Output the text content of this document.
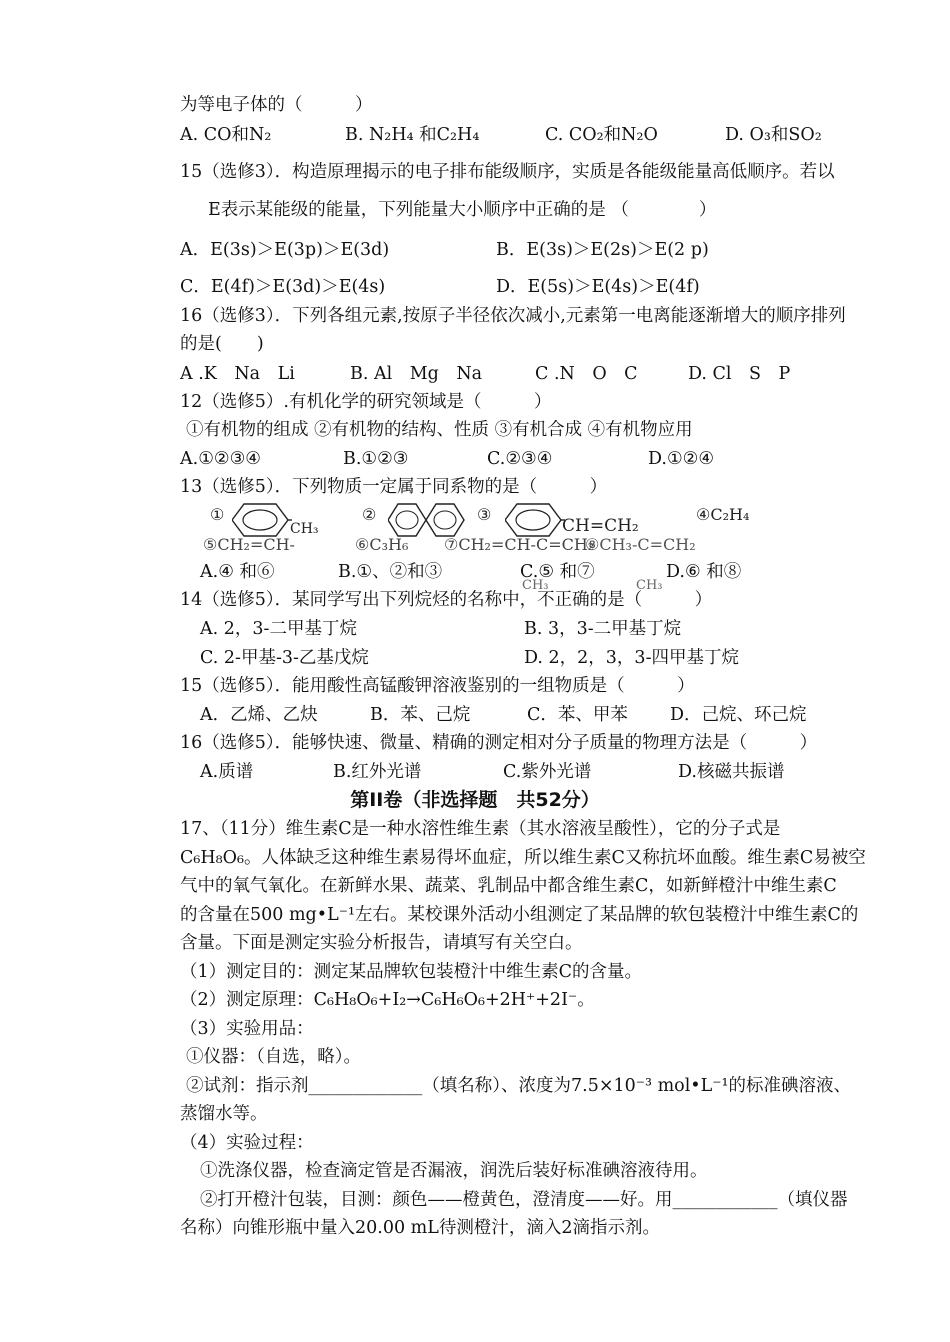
为等电子体的（　　　）
A. CO和N₂	B. N₂H₄ 和C₂H₄	C. CO₂和N₂O	D. O₃和SO₂
15（选修3）．构造原理揭示的电子排布能级顺序，实质是各能级能量高低顺序。若以
E表示某能级的能量，下列能量大小顺序中正确的是 （　　　　）
A．E(3s)＞E(3p)＞E(3d)	B．E(3s)＞E(2s)＞E(2 p)
C．E(4f)＞E(3d)＞E(4s)	D．E(5s)＞E(4s)＞E(4f)
16（选修3）．下列各组元素,按原子半径依次减小,元素第一电离能逐渐增大的顺序排列
的是(　　)
A .K　Na　Li	B. Al　Mg　Na	C .N　O　C	D. Cl　S　P
12（选修5）.有机化学的研究领域是（　　　）
①有机物的组成 ②有机物的结构、性质 ③有机合成 ④有机物应用
A.①②③④	B.①②③	C.②③④	D.①②④
13（选修5）．下列物质一定属于同系物的是（　　　）
①
CH₃
②	③
CH=CH₂
④C₂H₄
⑤CH₂=CH-	⑥C₃H₆ ⑦CH₂=CH-C=CH₂
⑧CH₃-C=CH₂
A.④ 和⑥	B.①、②和③	C.⑤ 和⑦	D.⑥ 和⑧
CH₃	CH₃
14（选修5）．某同学写出下列烷烃的名称中，不正确的是（　　　）
A. 2，3-二甲基丁烷	B. 3，3-二甲基丁烷
C. 2-甲基-3-乙基戊烷	D. 2，2，3，3-四甲基丁烷
15（选修5）．能用酸性高锰酸钾溶液鉴别的一组物质是（　　　）
A．乙烯、乙炔	B．苯、己烷	C．苯、甲苯 D．己烷、环己烷
16（选修5）．能够快速、微量、精确的测定相对分子质量的物理方法是（　　　）
A.质谱	B.红外光谱	C.紫外光谱	D.核磁共振谱
第II卷（非选择题　共52分）
17、（11分）维生素C是一种水溶性维生素（其水溶液呈酸性），它的分子式是
C₆H₈O₆。人体缺乏这种维生素易得坏血症，所以维生素C又称抗坏血酸。维生素C易被空
气中的氧气氧化。在新鲜水果、蔬菜、乳制品中都含维生素C，如新鲜橙汁中维生素C
的含量在500 mg•L⁻¹左右。某校课外活动小组测定了某品牌的软包装橙汁中维生素C的
含量。下面是测定实验分析报告，请填写有关空白。
（1）测定目的：测定某品牌软包装橙汁中维生素C的含量。
（2）测定原理：C₆H₈O₆+I₂→C₆H₆O₆+2H⁺+2I⁻。
（3）实验用品：
①仪器：（自选，略）。
②试剂：指示剂_____________（填名称）、浓度为7.5×10⁻³ mol•L⁻¹的标准碘溶液、
蒸馏水等。
（4）实验过程：
①洗涤仪器，检查滴定管是否漏液，润洗后装好标准碘溶液待用。
②打开橙汁包装，目测：颜色——橙黄色，澄清度——好。用____________（填仪器
名称）向锥形瓶中量入20.00 mL待测橙汁，滴入2滴指示剂。
